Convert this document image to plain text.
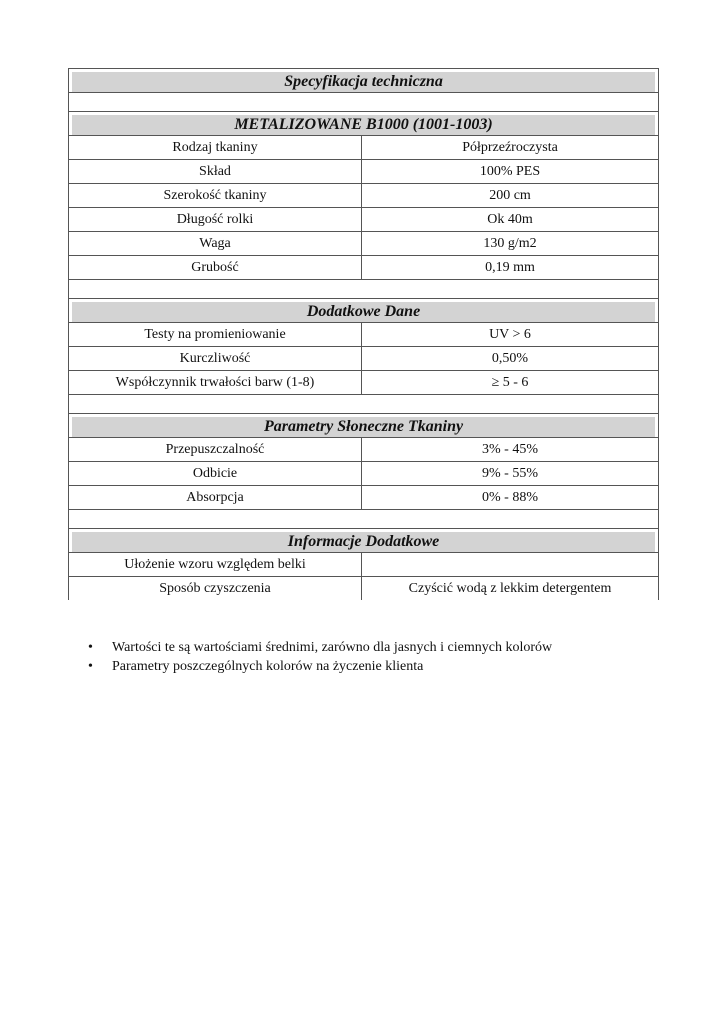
Specyfikacja techniczna	

METALIZOWANE B1000 (1001-1003)	

Rodzaj tkaniny	Półprzeźroczysta
Skład	100% PES
Szerokość tkaniny	200 cm
Długość rolki	Ok 40m
Waga	130 g/m2
Grubość	0,19 mm

Dodatkowe Dane	

Testy na promieniowanie	UV > 6
Kurczliwość	0,50%
Współczynnik trwałości barw (1-8)	≥ 5 - 6

Parametry Słoneczne Tkaniny	

Przepuszczalność	3% - 45%
Odbicie	9% - 55%
Absorpcja	0% - 88%

Informacje Dodatkowe	

Ułożenie wzoru względem belki	
Sposób czyszczenia	Czyścić wodą z lekkim detergentem
• Wartości te są wartościami średnimi, zarówno dla jasnych i ciemnych kolorów
• Parametry poszczególnych kolorów na życzenie klienta
